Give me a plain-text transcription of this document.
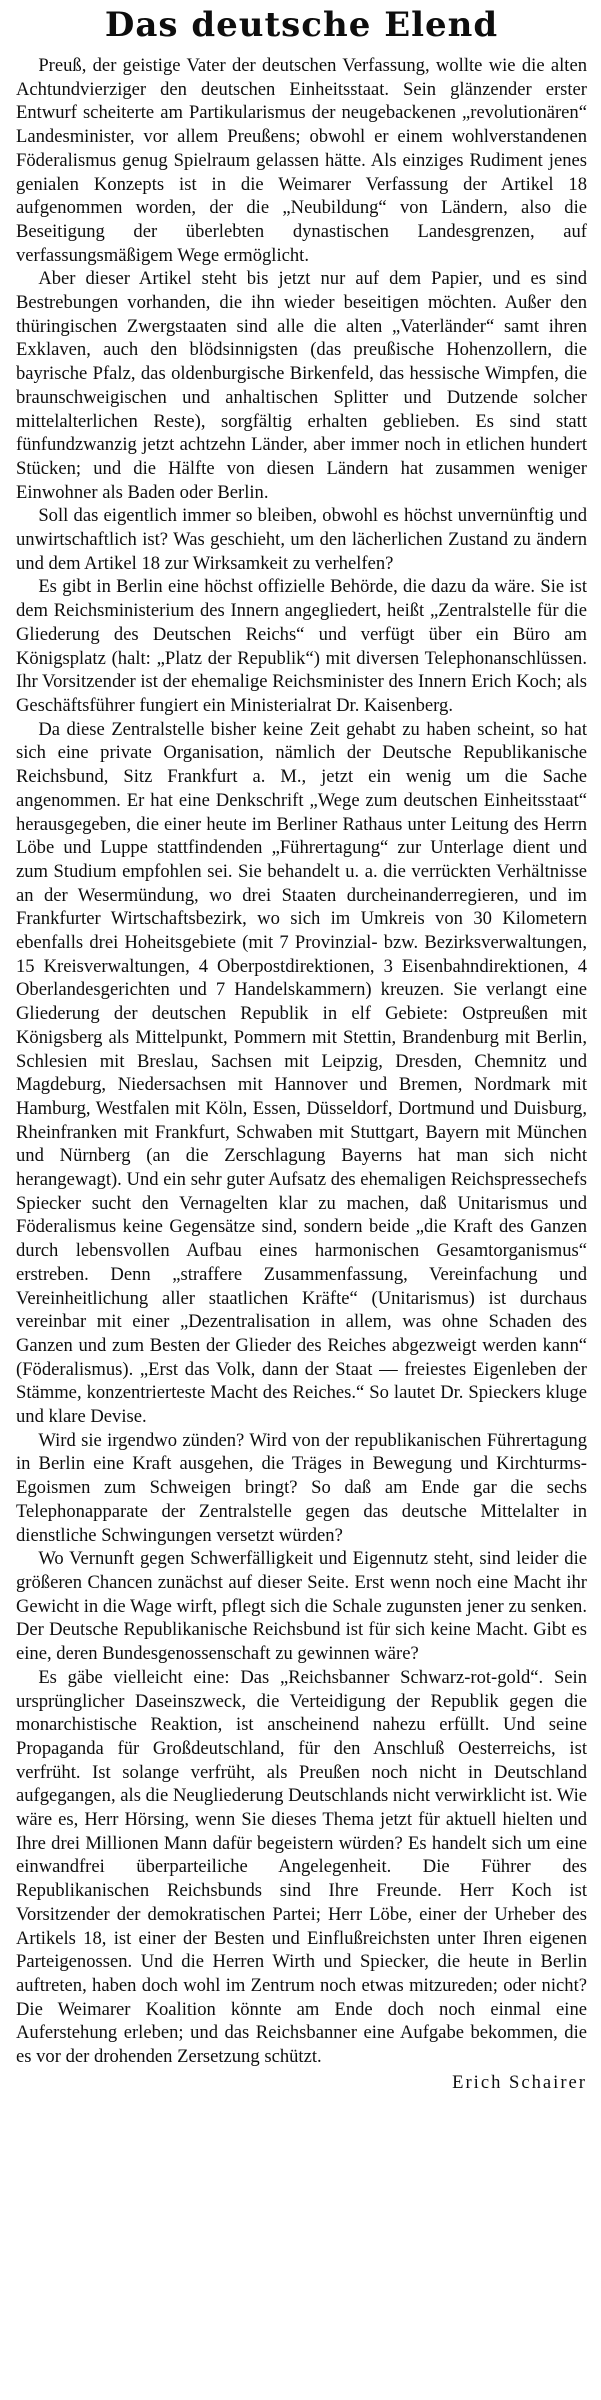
Das deutsche Elend

Preuß, der geistige Vater der deutschen Verfassung, wollte wie die alten Achtundvierziger den deutschen Einheitsstaat. Sein glänzender erster Entwurf scheiterte am Partikularismus der neugebackenen „revolutionären“ Landesminister, vor allem Preußens; obwohl er einem wohlverstandenen Föderalismus genug Spielraum gelassen hätte. Als einziges Rudiment jenes genialen Konzepts ist in die Weimarer Verfassung der Artikel 18 aufgenommen worden, der die „Neubildung“ von Ländern, also die Beseitigung der überlebten dynastischen Landesgrenzen, auf verfassungsmäßigem Wege ermöglicht.

Aber dieser Artikel steht bis jetzt nur auf dem Papier, und es sind Bestrebungen vorhanden, die ihn wieder beseitigen möchten. Außer den thüringischen Zwergstaaten sind alle die alten „Vaterländer“ samt ihren Exklaven, auch den blödsinnigsten (das preußische Hohenzollern, die bayrische Pfalz, das oldenburgische Birkenfeld, das hessische Wimpfen, die braunschweigischen und anhaltischen Splitter und Dutzende solcher mittelalterlichen Reste), sorgfältig erhalten geblieben. Es sind statt fünfundzwanzig jetzt achtzehn Länder, aber immer noch in etlichen hundert Stücken; und die Hälfte von diesen Ländern hat zusammen weniger Einwohner als Baden oder Berlin.

Soll das eigentlich immer so bleiben, obwohl es höchst unvernünftig und unwirtschaftlich ist? Was geschieht, um den lächerlichen Zustand zu ändern und dem Artikel 18 zur Wirksamkeit zu verhelfen?

Es gibt in Berlin eine höchst offizielle Behörde, die dazu da wäre. Sie ist dem Reichsministerium des Innern angegliedert, heißt „Zentralstelle für die Gliederung des Deutschen Reichs“ und verfügt über ein Büro am Königsplatz (halt: „Platz der Republik“) mit diversen Telephonanschlüssen. Ihr Vorsitzender ist der ehemalige Reichsminister des Innern Erich Koch; als Geschäftsführer fungiert ein Ministerialrat Dr. Kaisenberg.

Da diese Zentralstelle bisher keine Zeit gehabt zu haben scheint, so hat sich eine private Organisation, nämlich der Deutsche Republikanische Reichsbund, Sitz Frankfurt a. M., jetzt ein wenig um die Sache angenommen. Er hat eine Denkschrift „Wege zum deutschen Einheitsstaat“ herausgegeben, die einer heute im Berliner Rathaus unter Leitung des Herrn Löbe und Luppe stattfindenden „Führertagung“ zur Unterlage dient und zum Studium empfohlen sei. Sie behandelt u. a. die verrückten Verhältnisse an der Wesermündung, wo drei Staaten durcheinanderregieren, und im Frankfurter Wirtschaftsbezirk, wo sich im Umkreis von 30 Kilometern ebenfalls drei Hoheitsgebiete (mit 7 Provinzial- bzw. Bezirksverwaltungen, 15 Kreisverwaltungen, 4 Oberpostdirektionen, 3 Eisenbahndirektionen, 4 Oberlandesgerichten und 7 Handelskammern) kreuzen. Sie verlangt eine Gliederung der deutschen Republik in elf Gebiete: Ostpreußen mit Königsberg als Mittelpunkt, Pommern mit Stettin, Brandenburg mit Berlin, Schlesien mit Breslau, Sachsen mit Leipzig, Dresden, Chemnitz und Magdeburg, Niedersachsen mit Hannover und Bremen, Nordmark mit Hamburg, Westfalen mit Köln, Essen, Düsseldorf, Dortmund und Duisburg, Rheinfranken mit Frankfurt, Schwaben mit Stuttgart, Bayern mit München und Nürnberg (an die Zerschlagung Bayerns hat man sich nicht herangewagt). Und ein sehr guter Aufsatz des ehemaligen Reichspressechefs Spiecker sucht den Vernagelten klar zu machen, daß Unitarismus und Föderalismus keine Gegensätze sind, sondern beide „die Kraft des Ganzen durch lebensvollen Aufbau eines harmonischen Gesamtorganismus“ erstreben. Denn „straffere Zusammenfassung, Vereinfachung und Vereinheitlichung aller staatlichen Kräfte“ (Unitarismus) ist durchaus vereinbar mit einer „Dezentralisation in allem, was ohne Schaden des Ganzen und zum Besten der Glieder des Reiches abgezweigt werden kann“ (Föderalismus). „Erst das Volk, dann der Staat — freiestes Eigenleben der Stämme, konzentrierteste Macht des Reiches.“ So lautet Dr. Spieckers kluge und klare Devise.

Wird sie irgendwo zünden? Wird von der republikanischen Führertagung in Berlin eine Kraft ausgehen, die Träges in Bewegung und Kirchturms-Egoismen zum Schweigen bringt? So daß am Ende gar die sechs Telephonapparate der Zentralstelle gegen das deutsche Mittelalter in dienstliche Schwingungen versetzt würden?

Wo Vernunft gegen Schwerfälligkeit und Eigennutz steht, sind leider die größeren Chancen zunächst auf dieser Seite. Erst wenn noch eine Macht ihr Gewicht in die Wage wirft, pflegt sich die Schale zugunsten jener zu senken. Der Deutsche Republikanische Reichsbund ist für sich keine Macht. Gibt es eine, deren Bundesgenossenschaft zu gewinnen wäre?

Es gäbe vielleicht eine: Das „Reichsbanner Schwarz-rot-gold“. Sein ursprünglicher Daseinszweck, die Verteidigung der Republik gegen die monarchistische Reaktion, ist anscheinend nahezu erfüllt. Und seine Propaganda für Großdeutschland, für den Anschluß Oesterreichs, ist verfrüht. Ist solange verfrüht, als Preußen noch nicht in Deutschland aufgegangen, als die Neugliederung Deutschlands nicht verwirklicht ist. Wie wäre es, Herr Hörsing, wenn Sie dieses Thema jetzt für aktuell hielten und Ihre drei Millionen Mann dafür begeistern würden? Es handelt sich um eine einwandfrei überparteiliche Angelegenheit. Die Führer des Republikanischen Reichsbunds sind Ihre Freunde. Herr Koch ist Vorsitzender der demokratischen Partei; Herr Löbe, einer der Urheber des Artikels 18, ist einer der Besten und Einflußreichsten unter Ihren eigenen Parteigenossen. Und die Herren Wirth und Spiecker, die heute in Berlin auftreten, haben doch wohl im Zentrum noch etwas mitzureden; oder nicht? Die Weimarer Koalition könnte am Ende doch noch einmal eine Auferstehung erleben; und das Reichsbanner eine Aufgabe bekommen, die es vor der drohenden Zersetzung schützt.

Erich Schairer
